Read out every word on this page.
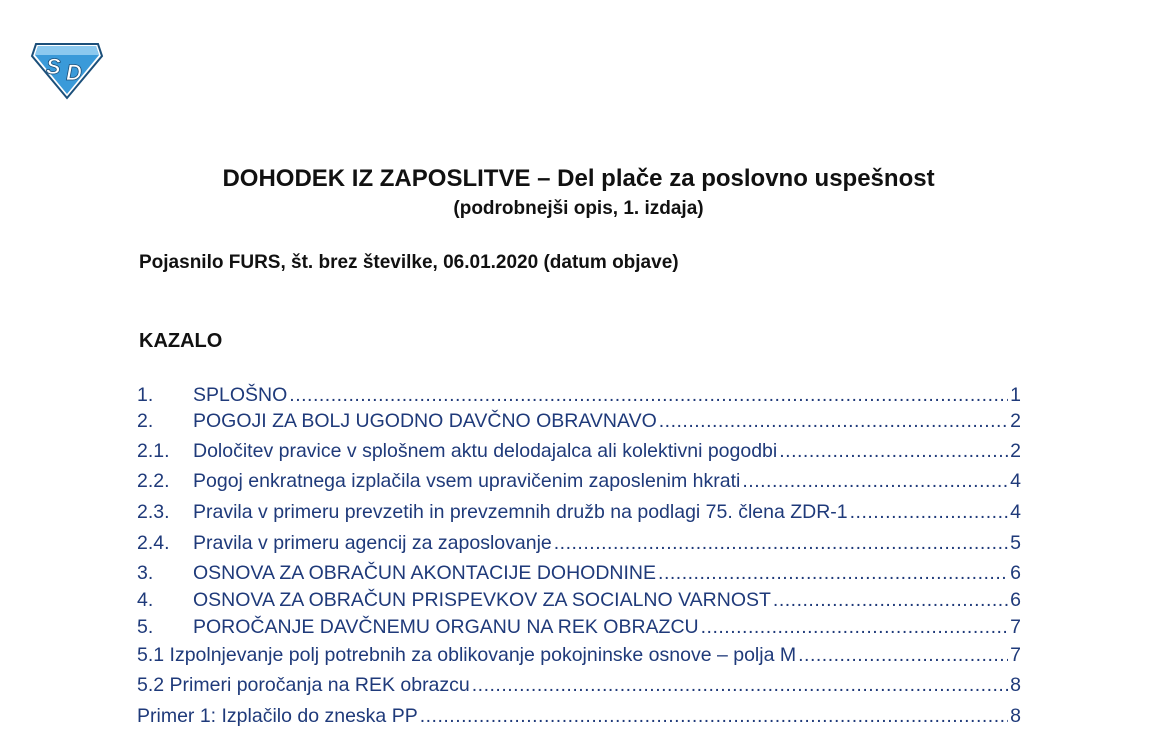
S D
DOHODEK IZ ZAPOSLITVE – Del plače za poslovno uspešnost
(podrobnejši opis, 1. izdaja)
Pojasnilo FURS, št. brez številke, 06.01.2020 (datum objave)
KAZALO
1.	SPLOŠNO .....	1
2.	POGOJI ZA BOLJ UGODNO DAVČNO OBRAVNAVO .....	2
2.1.	Določitev pravice v splošnem aktu delodajalca ali kolektivni pogodbi .....	2
2.2.	Pogoj enkratnega izplačila vsem upravičenim zaposlenim hkrati .....	4
2.3.	Pravila v primeru prevzetih in prevzemnih družb na podlagi 75. člena ZDR-1 .....	4
2.4.	Pravila v primeru agencij za zaposlovanje .....	5
3.	OSNOVA ZA OBRAČUN AKONTACIJE DOHODNINE .....	6
4.	OSNOVA ZA OBRAČUN PRISPEVKOV ZA SOCIALNO VARNOST .....	6
5.	POROČANJE DAVČNEMU ORGANU NA REK OBRAZCU .....	7
5.1 Izpolnjevanje polj potrebnih za oblikovanje pokojninske osnove – polja M .....	7
5.2 Primeri poročanja na REK obrazcu .....	8
Primer 1: Izplačilo do zneska PP .....	8
